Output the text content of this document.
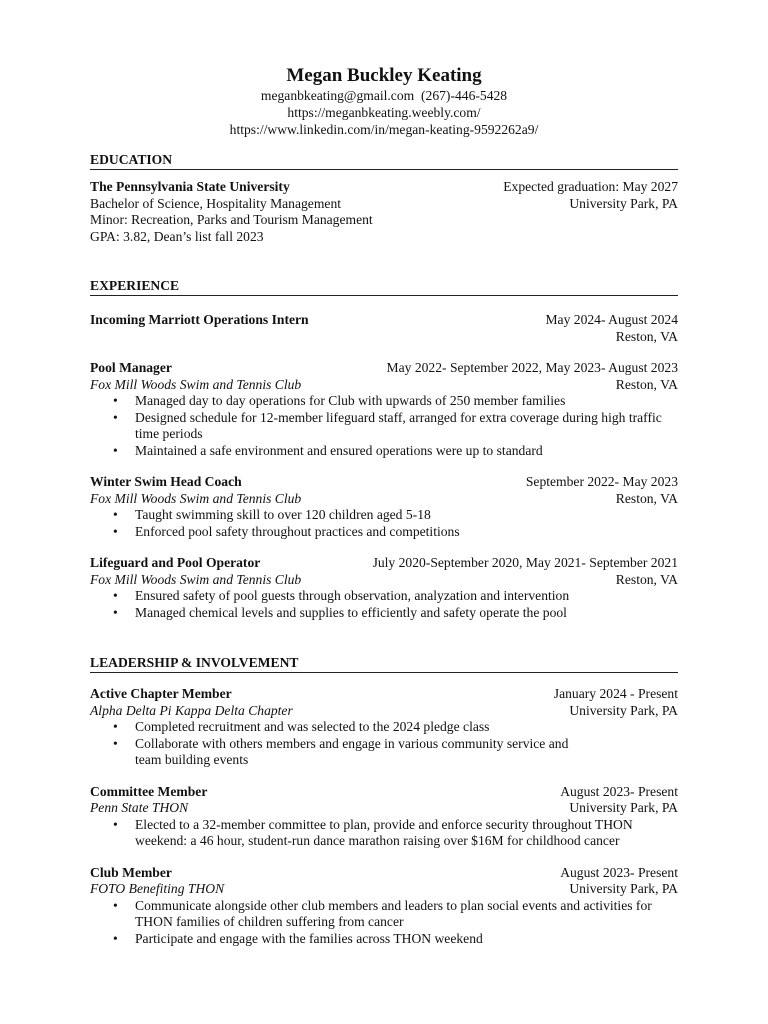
Megan Buckley Keating
meganbkeating@gmail.com  (267)-446-5428
https://meganbkeating.weebly.com/
https://www.linkedin.com/in/megan-keating-9592262a9/
EDUCATION
The Pennsylvania State University	Expected graduation: May 2027
Bachelor of Science, Hospitality Management	University Park, PA
Minor: Recreation, Parks and Tourism Management
GPA: 3.82, Dean’s list fall 2023
EXPERIENCE
Incoming Marriott Operations Intern	May 2024- August 2024
Reston, VA
Pool Manager	May 2022- September 2022, May 2023- August 2023
Fox Mill Woods Swim and Tennis Club	Reston, VA
• Managed day to day operations for Club with upwards of 250 member families
• Designed schedule for 12-member lifeguard staff, arranged for extra coverage during high traffic time periods
• Maintained a safe environment and ensured operations were up to standard
Winter Swim Head Coach	September 2022- May 2023
Fox Mill Woods Swim and Tennis Club	Reston, VA
• Taught swimming skill to over 120 children aged 5-18
• Enforced pool safety throughout practices and competitions
Lifeguard and Pool Operator	July 2020-September 2020, May 2021- September 2021
Fox Mill Woods Swim and Tennis Club	Reston, VA
• Ensured safety of pool guests through observation, analyzation and intervention
• Managed chemical levels and supplies to efficiently and safety operate the pool
LEADERSHIP & INVOLVEMENT
Active Chapter Member	January 2024 - Present
Alpha Delta Pi Kappa Delta Chapter	University Park, PA
• Completed recruitment and was selected to the 2024 pledge class
• Collaborate with others members and engage in various community service and team building events
Committee Member	August 2023- Present
Penn State THON	University Park, PA
• Elected to a 32-member committee to plan, provide and enforce security throughout THON weekend: a 46 hour, student-run dance marathon raising over $16M for childhood cancer
Club Member	August 2023- Present
FOTO Benefiting THON	University Park, PA
• Communicate alongside other club members and leaders to plan social events and activities for THON families of children suffering from cancer
• Participate and engage with the families across THON weekend
